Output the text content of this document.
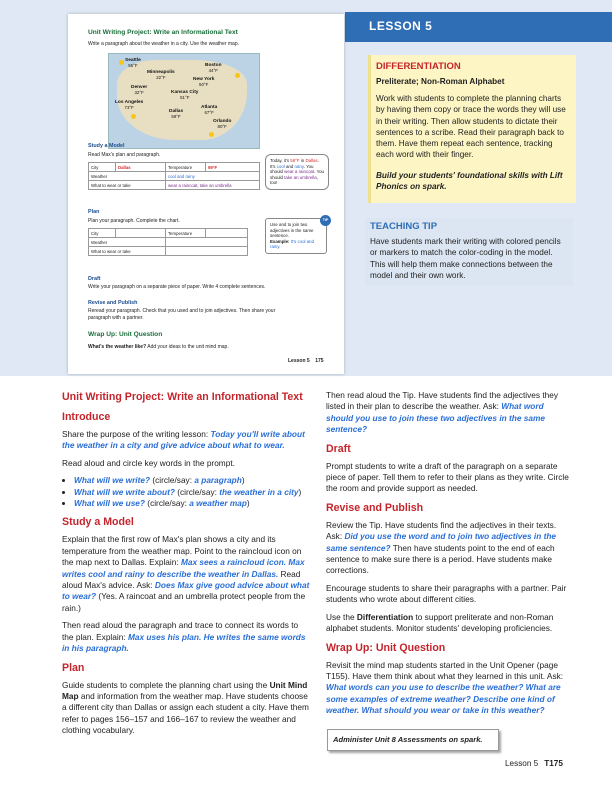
LESSON 5
Unit Writing Project: Write an Informational Text
Write a paragraph about the weather in a city. Use the weather map.
Seattle
55°F	Boston
44°F
Minneapolis
22°F	New York
50°F
Denver
32°F	Kansas City
51°F
Los Angeles
73°F
Dallas
59°F
Atlanta
67°F
Orlando
80°F
Study a Model
Read Max's plan and paragraph.
City	Dallas	Temperature	59°F
Weather		cool and rainy	
What to wear or take		wear a raincoat, take an umbrella	
Today, it's 59°F in Dallas. It's cool and rainy. You should wear a raincoat. You should take an umbrella, too!
Plan
Plan your paragraph. Complete the chart.
City		Temperature	
Weather			
What to wear or take			
Use and to join two adjectives in the same sentence.
Example: It's cool and rainy.
TIP
Draft
Write your paragraph on a separate piece of paper. Write 4 complete sentences.
Revise and Publish
Reread your paragraph. Check that you used and to join adjectives. Then share your paragraph with a partner.
Wrap Up: Unit Question
What's the weather like? Add your ideas to the unit mind map.
Lesson 5    175
DIFFERENTIATION
Preliterate; Non-Roman Alphabet
Work with students to complete the planning charts by having them copy or trace the words they will use in their writing. Then allow students to dictate their sentences to a scribe. Read their paragraph back to them. Have them repeat each sentence, tracking each word with their finger.
Build your students' foundational skills with Lift Phonics on spark.
TEACHING TIP
Have students mark their writing with colored pencils or markers to match the color-coding in the model. This will help them make connections between the model and their own work.
Unit Writing Project: Write an Informational Text
Introduce

Share the purpose of the writing lesson: Today you'll write about the weather in a city and give advice about what to wear.

Read aloud and circle key words in the prompt.

• What will we write? (circle/say: a paragraph)
• What will we write about? (circle/say: the weather in a city)
• What will we use? (circle/say: a weather map)
Study a Model

Explain that the first row of Max's plan shows a city and its temperature from the weather map. Point to the raincloud icon on the map next to Dallas. Explain: Max sees a raincloud icon. Max writes cool and rainy to describe the weather in Dallas. Read aloud Max's advice. Ask: Does Max give good advice about what to wear? (Yes. A raincoat and an umbrella protect people from the rain.)

Then read aloud the paragraph and trace to connect its words to the plan. Explain: Max uses his plan. He writes the same words in his paragraph.

Plan

Guide students to complete the planning chart using the Unit Mind Map and information from the weather map. Have students choose a different city than Dallas or assign each student a city. Have them refer to pages 156–157 and 166–167 to review the weather and clothing vocabulary.

Then read aloud the Tip. Have students find the adjectives they listed in their plan to describe the weather. Ask: What word should you use to join these two adjectives in the same sentence?

Draft

Prompt students to write a draft of the paragraph on a separate piece of paper. Tell them to refer to their plans as they write. Circle the room and provide support as needed.

Revise and Publish

Review the Tip. Have students find the adjectives in their texts. Ask: Did you use the word and to join two adjectives in the same sentence? Then have students point to the end of each sentence to make sure there is a period. Have students make corrections.

Encourage students to share their paragraphs with a partner. Pair students who wrote about different cities.

Use the Differentiation to support preliterate and non-Roman alphabet students. Monitor students' developing proficiencies.

Wrap Up: Unit Question

Revisit the mind map students started in the Unit Opener (page T155). Have them think about what they learned in this unit. Ask: What words can you use to describe the weather? What are some examples of extreme weather? Describe one kind of weather. What should you wear or take in this weather?

Administer Unit 8 Assessments on spark.
Lesson 5 T175
